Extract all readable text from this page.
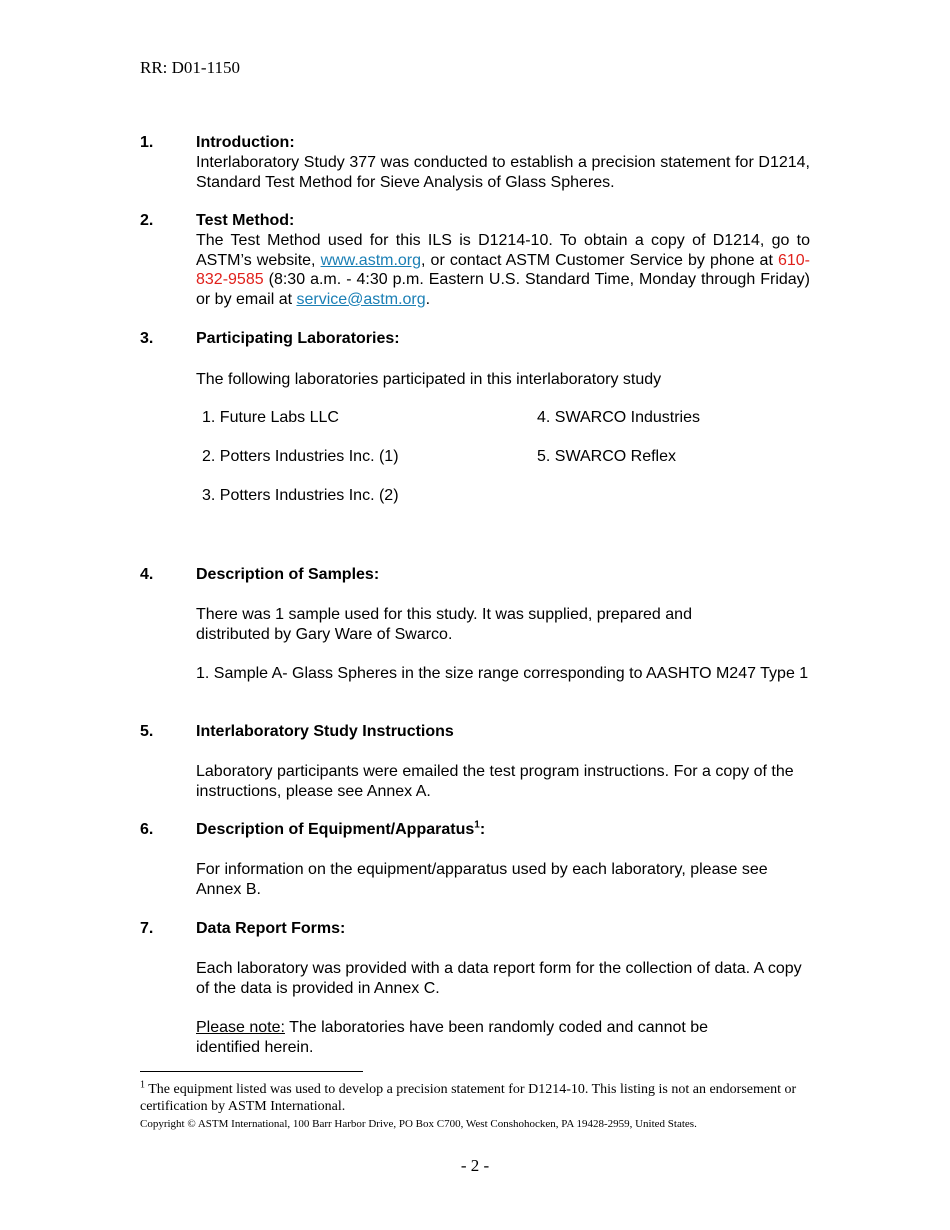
RR: D01-1150
1.	Introduction:
Interlaboratory Study 377 was conducted to establish a precision statement for D1214, Standard Test Method for Sieve Analysis of Glass Spheres.
2.	Test Method:
The Test Method used for this ILS is D1214-10. To obtain a copy of D1214, go to ASTM’s website, www.astm.org, or contact ASTM Customer Service by phone at 610-832-9585 (8:30 a.m. - 4:30 p.m. Eastern U.S. Standard Time, Monday through Friday) or by email at service@astm.org.
3.	Participating Laboratories:
The following laboratories participated in this interlaboratory study
1. Future Labs LLC
2. Potters Industries Inc. (1)
3. Potters Industries Inc. (2)
4. SWARCO Industries
5. SWARCO Reflex
4.	Description of Samples:
There was 1 sample used for this study. It was supplied, prepared and distributed by Gary Ware of Swarco.
1. Sample A- Glass Spheres in the size range corresponding to AASHTO M247 Type 1
5.	Interlaboratory Study Instructions
Laboratory participants were emailed the test program instructions. For a copy of the instructions, please see Annex A.
6.	Description of Equipment/Apparatus$^1$:
For information on the equipment/apparatus used by each laboratory, please see Annex B.
7.	Data Report Forms:
Each laboratory was provided with a data report form for the collection of data. A copy of the data is provided in Annex C.
Please note: The laboratories have been randomly coded and cannot be identified herein.
$^1$ The equipment listed was used to develop a precision statement for D1214-10. This listing is not an endorsement or certification by ASTM International.
Copyright © ASTM International, 100 Barr Harbor Drive, PO Box C700, West Conshohocken, PA 19428-2959, United States.
- 2 -
